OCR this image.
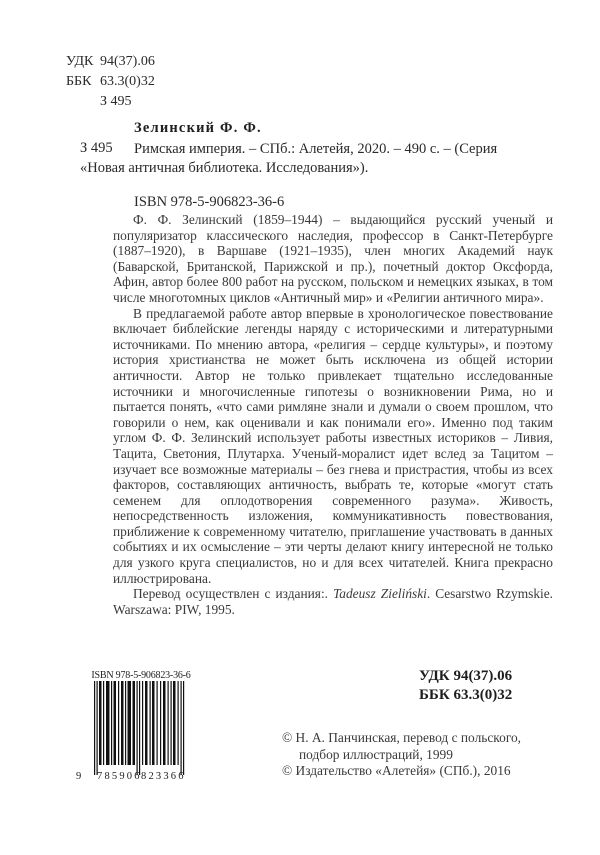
УДК 94(37).06
ББК 63.3(0)32
З 495
Зелинский Ф. Ф.
З 495 Римская империя. – СПб.: Алетейя, 2020. – 490 с. – (Серия
«Новая античная библиотека. Исследования»).
ISBN 978-5-906823-36-6

Ф. Ф. Зелинский (1859–1944) – выдающийся русский ученый и популяризатор классического наследия, профессор в Санкт-Петербурге (1887–1920), в Варшаве (1921–1935), член многих Академий наук (Баварской, Британской, Парижской и пр.), почетный доктор Оксфорда, Афин, автор более 800 работ на русском, польском и немецких языках, в том числе многотомных циклов «Античный мир» и «Религии античного мира».

В предлагаемой работе автор впервые в хронологическое повествование включает библейские легенды наряду с историческими и литературными источниками. По мнению автора, «религия – сердце культуры», и поэтому история христианства не может быть исключена из общей истории античности. Автор не только привлекает тщательно исследованные источники и многочисленные гипотезы о возникновении Рима, но и пытается понять, «что сами римляне знали и думали о своем прошлом, что говорили о нем, как оценивали и как понимали его». Именно под таким углом Ф. Ф. Зелинский использует работы известных историков – Ливия, Тацита, Светония, Плутарха. Ученый-моралист идет вслед за Тацитом – изучает все возможные материалы – без гнева и пристрастия, чтобы из всех факторов, составляющих античность, выбрать те, которые «могут стать семенем для оплодотворения современного разума». Живость, непосредственность изложения, коммуникативность повествования, приближение к современному читателю, приглашение участвовать в данных событиях и их осмысление – эти черты делают книгу интересной не только для узкого круга специалистов, но и для всех читателей. Книга прекрасно иллюстрирована.

Перевод осуществлен с издания:. Tadeusz Zieliński. Cesarstwo Rzymskie. Warszawa: PIW, 1995.

ISBN 978-5-906823-36-6
9 785906 823366
УДК 94(37).06
ББК 63.3(0)32
© Н. А. Панчинская, перевод с польского,
подбор иллюстраций, 1999
© Издательство «Алетейя» (СПб.), 2016
